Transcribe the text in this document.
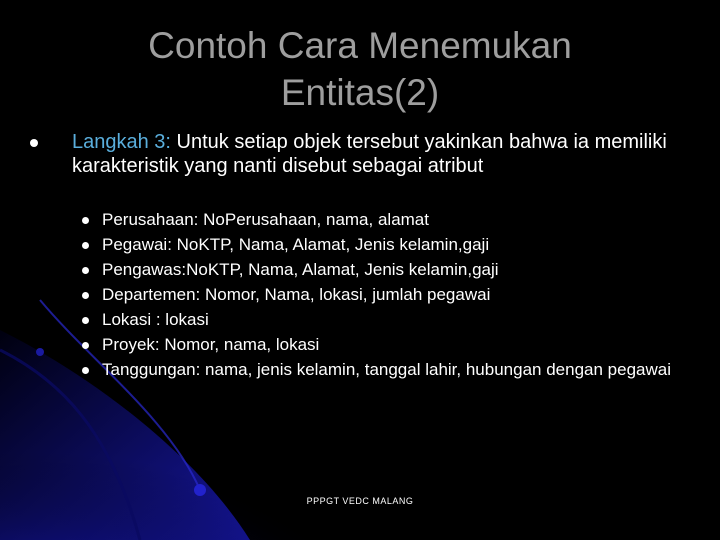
Contoh Cara Menemukan
Entitas(2)
Langkah 3: Untuk setiap objek tersebut yakinkan bahwa ia memiliki karakteristik yang nanti disebut sebagai atribut
Perusahaan: NoPerusahaan, nama, alamat
Pegawai: NoKTP, Nama, Alamat, Jenis kelamin,gaji
Pengawas:NoKTP, Nama, Alamat, Jenis kelamin,gaji
Departemen: Nomor, Nama, lokasi, jumlah pegawai
Lokasi : lokasi
Proyek: Nomor, nama, lokasi
Tanggungan: nama, jenis kelamin, tanggal lahir, hubungan dengan pegawai
PPPGT VEDC MALANG
